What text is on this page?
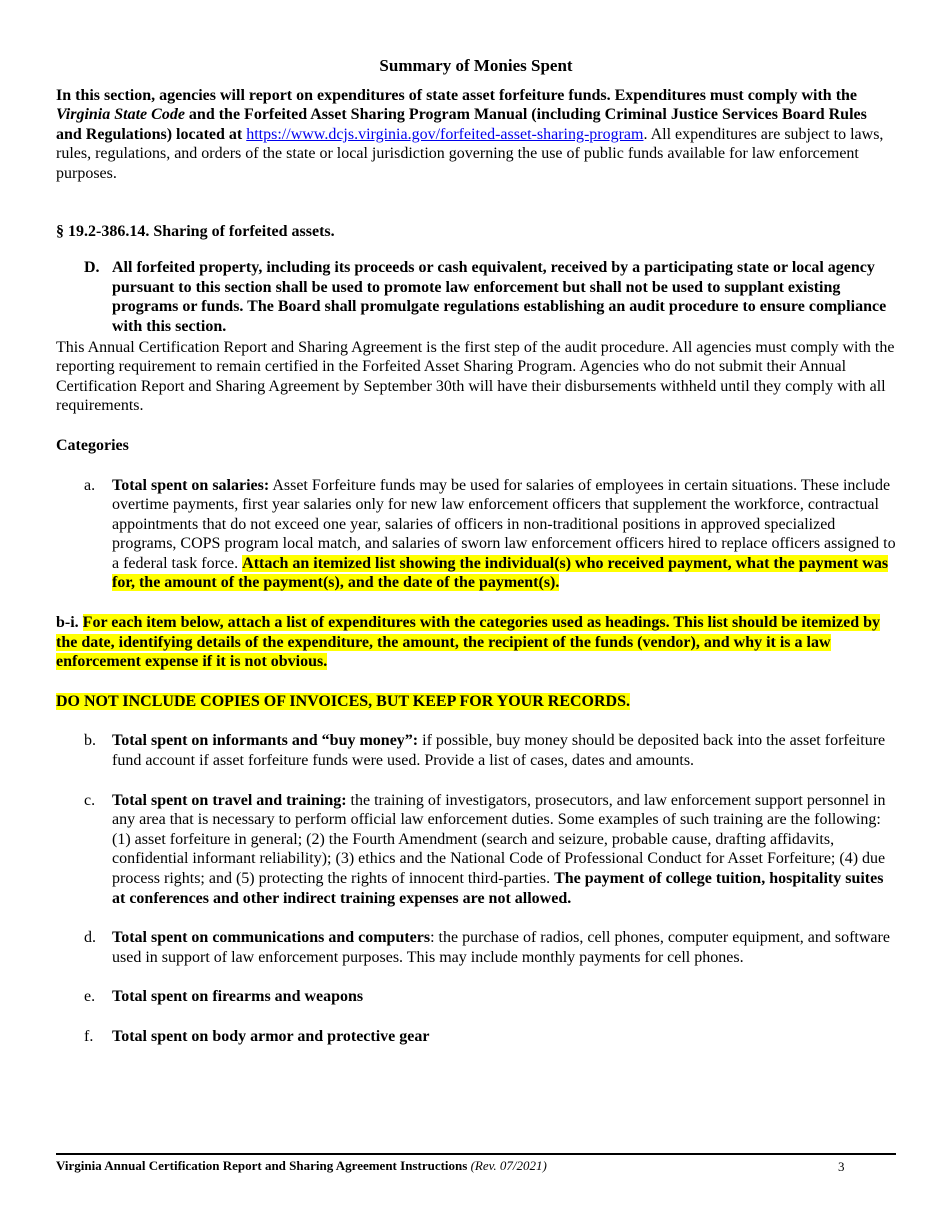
Summary of Monies Spent

In this section, agencies will report on expenditures of state asset forfeiture funds. Expenditures must comply with the Virginia State Code and the Forfeited Asset Sharing Program Manual (including Criminal Justice Services Board Rules and Regulations) located at https://www.dcjs.virginia.gov/forfeited-asset-sharing-program. All expenditures are subject to laws, rules, regulations, and orders of the state or local jurisdiction governing the use of public funds available for law enforcement purposes.

§ 19.2-386.14. Sharing of forfeited assets.

D. All forfeited property, including its proceeds or cash equivalent, received by a participating state or local agency pursuant to this section shall be used to promote law enforcement but shall not be used to supplant existing programs or funds. The Board shall promulgate regulations establishing an audit procedure to ensure compliance with this section.

This Annual Certification Report and Sharing Agreement is the first step of the audit procedure. All agencies must comply with the reporting requirement to remain certified in the Forfeited Asset Sharing Program. Agencies who do not submit their Annual Certification Report and Sharing Agreement by September 30th will have their disbursements withheld until they comply with all requirements.

Categories

a. Total spent on salaries: Asset Forfeiture funds may be used for salaries of employees in certain situations. These include overtime payments, first year salaries only for new law enforcement officers that supplement the workforce, contractual appointments that do not exceed one year, salaries of officers in non-traditional positions in approved specialized programs, COPS program local match, and salaries of sworn law enforcement officers hired to replace officers assigned to a federal task force. Attach an itemized list showing the individual(s) who received payment, what the payment was for, the amount of the payment(s), and the date of the payment(s).

b-i. For each item below, attach a list of expenditures with the categories used as headings. This list should be itemized by the date, identifying details of the expenditure, the amount, the recipient of the funds (vendor), and why it is a law enforcement expense if it is not obvious.

DO NOT INCLUDE COPIES OF INVOICES, BUT KEEP FOR YOUR RECORDS.

b. Total spent on informants and “buy money”: if possible, buy money should be deposited back into the asset forfeiture fund account if asset forfeiture funds were used. Provide a list of cases, dates and amounts.
c. Total spent on travel and training: the training of investigators, prosecutors, and law enforcement support personnel in any area that is necessary to perform official law enforcement duties. Some examples of such training are the following: (1) asset forfeiture in general; (2) the Fourth Amendment (search and seizure, probable cause, drafting affidavits, confidential informant reliability); (3) ethics and the National Code of Professional Conduct for Asset Forfeiture; (4) due process rights; and (5) protecting the rights of innocent third-parties. The payment of college tuition, hospitality suites at conferences and other indirect training expenses are not allowed.
d. Total spent on communications and computers: the purchase of radios, cell phones, computer equipment, and software used in support of law enforcement purposes. This may include monthly payments for cell phones.
e. Total spent on firearms and weapons
f. Total spent on body armor and protective gear
Virginia Annual Certification Report and Sharing Agreement Instructions (Rev. 07/2021)	3
